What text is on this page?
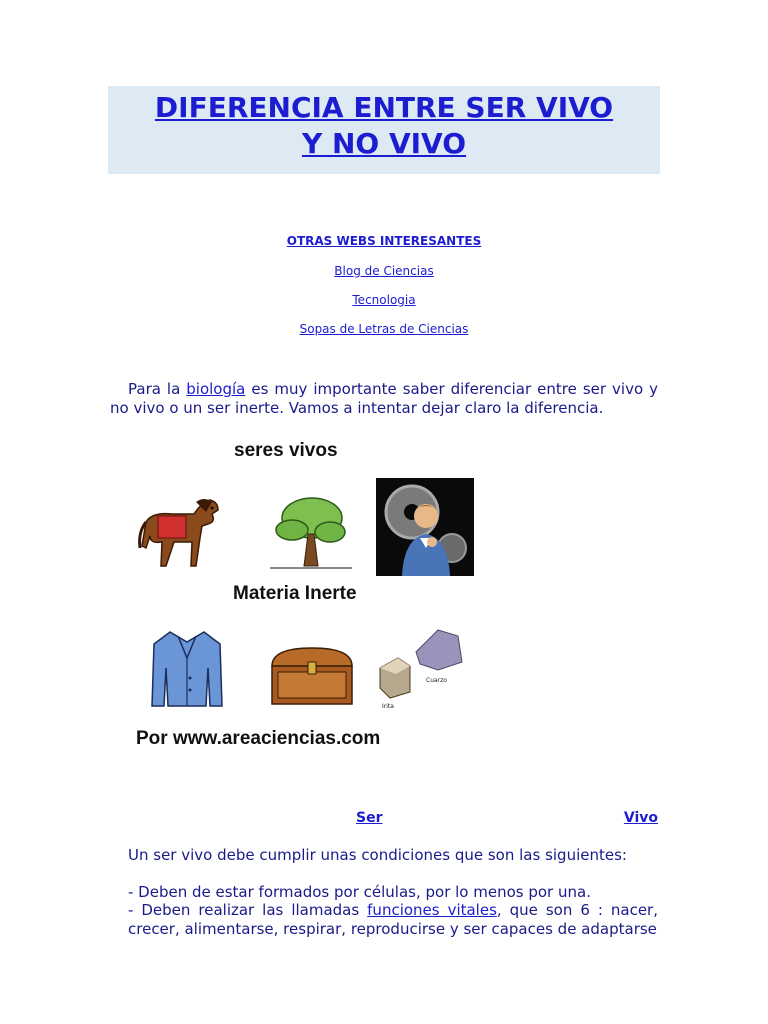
DIFERENCIA ENTRE SER VIVO
Y NO VIVO
OTRAS WEBS INTERESANTES
Blog de Ciencias
Tecnologia
Sopas de Letras de Ciencias
Para la biología es muy importante saber diferenciar entre ser vivo y no vivo o un ser inerte. Vamos a intentar dejar claro la diferencia.
seres vivos
Materia Inerte
Cuarzo
Irita
Por www.areaciencias.com
Ser	Vivo

Un ser vivo debe cumplir unas condiciones que son las siguientes:

- Deben de estar formados por células, por lo menos por una.

- Deben realizar las llamadas funciones vitales, que son 6 : nacer, crecer, alimentarse, respirar, reproducirse y ser capaces de adaptarse
